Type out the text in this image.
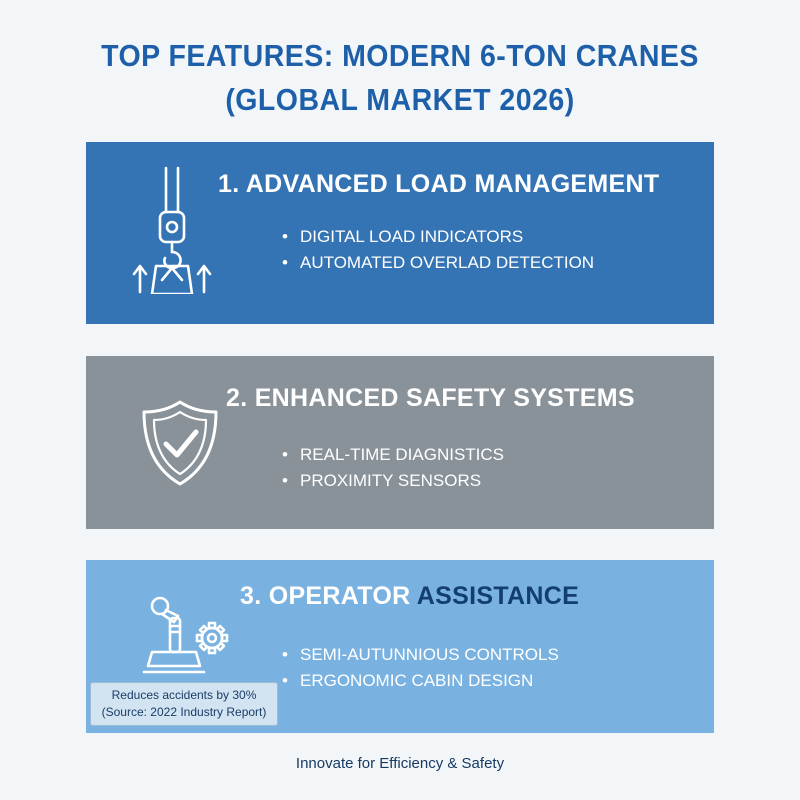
TOP FEATURES: MODERN 6-TON CRANES
(GLOBAL MARKET 2026)
1. ADVANCED LOAD MANAGEMENT
• DIGITAL LOAD INDICATORS
• AUTOMATED OVERLAD DETECTION
2. ENHANCED SAFETY SYSTEMS
• REAL-TIME DIAGNISTICS
• PROXIMITY SENSORS
3. OPERATOR ASSISTANCE
• SEMI-AUTUNNIOUS CONTROLS
• ERGONOMIC CABIN DESIGN
Reduces accidents by 30%
(Source: 2022 Industry Report)
Innovate for Efficiency & Safety
